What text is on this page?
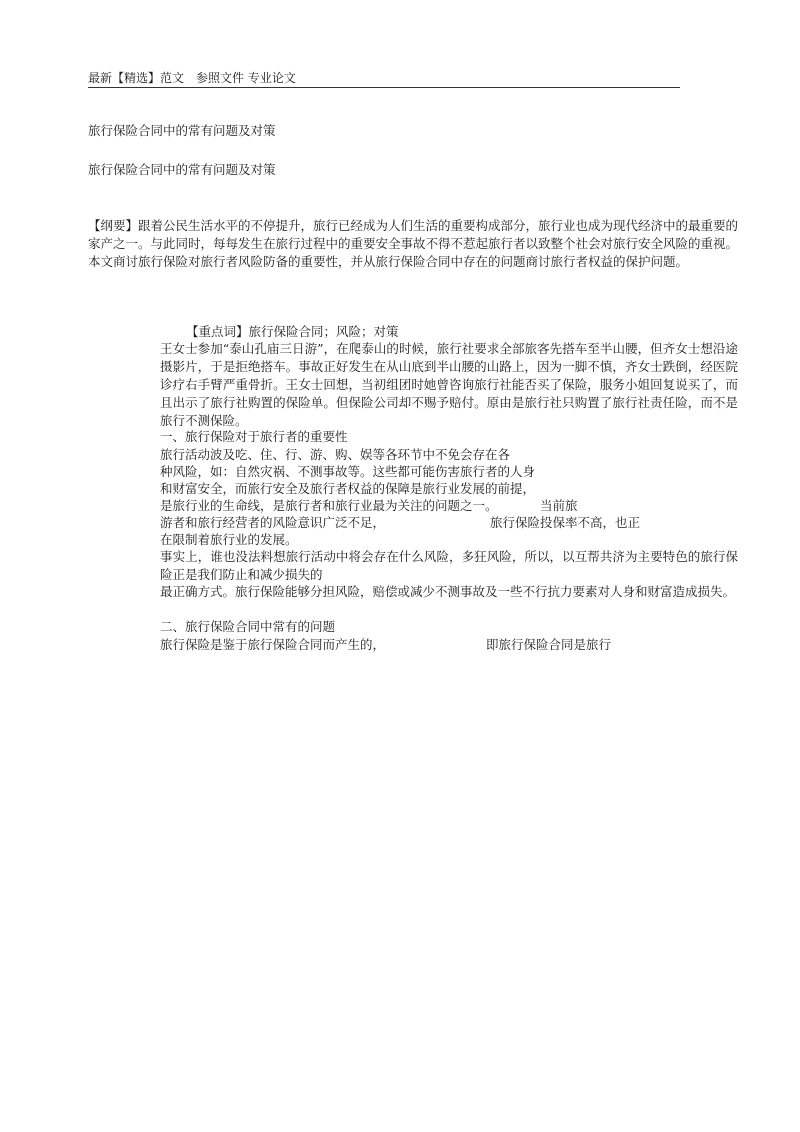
最新【精选】范文　参照文件 专业论文
旅行保险合同中的常有问题及对策
旅行保险合同中的常有问题及对策
【纲要】跟着公民生活水平的不停提升，旅行已经成为人们生活的重要构成部分，旅行业也成为现代经济中的最重要的家产之一。与此同时，每每发生在旅行过程中的重要安全事故不得不惹起旅行者以致整个社会对旅行安全风险的重视。本文商讨旅行保险对旅行者风险防备的重要性，并从旅行保险合同中存在的问题商讨旅行者权益的保护问题。
【重点词】旅行保险合同；风险；对策
王女士参加“泰山孔庙三日游”，在爬泰山的时候，旅行社要求全部旅客先搭车至半山腰，但齐女士想沿途摄影片，于是拒绝搭车。事故正好发生在从山底到半山腰的山路上，因为一脚不慎，齐女士跌倒，经医院诊疗右手臂严重骨折。王女士回想，当初组团时她曾咨询旅行社能否买了保险，服务小姐回复说买了，而且出示了旅行社购置的保险单。但保险公司却不赐予赔付。原由是旅行社只购置了旅行社责任险，而不是旅行不测保险。
一、旅行保险对于旅行者的重要性
旅行活动波及吃、住、行、游、购、娱等各环节中不免会存在各
种风险，如：自然灾祸、不测事故等。这些都可能伤害旅行者的人身
和财富安全，而旅行安全及旅行者权益的保障是旅行业发展的前提，
是旅行业的生命线，是旅行者和旅行业最为关注的问题之一。	当前旅
游者和旅行经营者的风险意识广泛不足，	旅行保险投保率不高，也正
在限制着旅行业的发展。
事实上，谁也没法料想旅行活动中将会存在什么风险，多狂风险，所以，以互帮共济为主要特色的旅行保险正是我们防止和减少损失的
最正确方式。旅行保险能够分担风险，赔偿或减少不测事故及一些不行抗力要素对人身和财富造成损失。
二、旅行保险合同中常有的问题
旅行保险是鉴于旅行保险合同而产生的，	即旅行保险合同是旅行
